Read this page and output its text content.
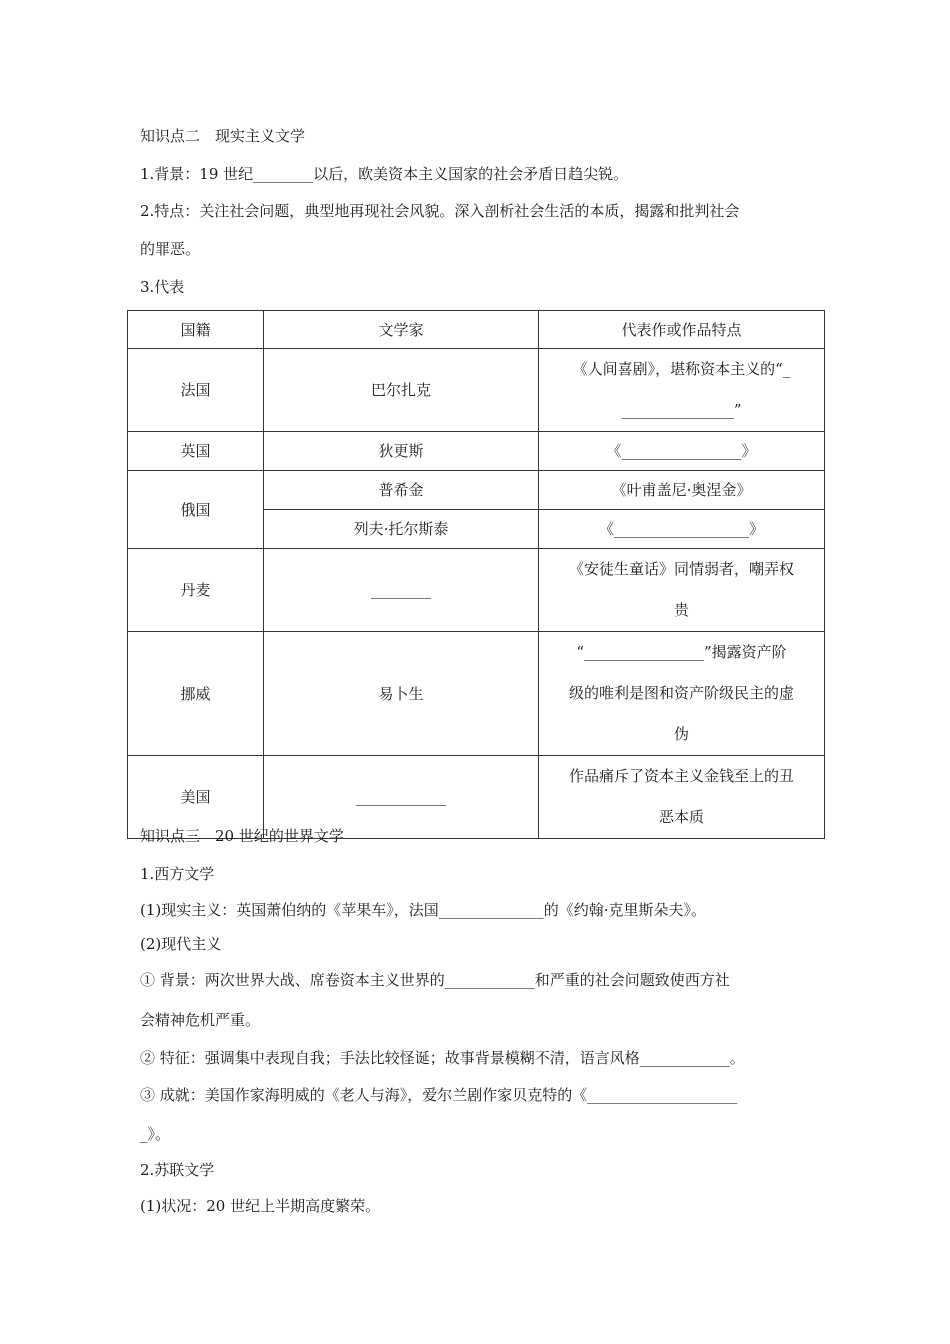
知识点二　现实主义文学
1.背景：19 世纪________以后，欧美资本主义国家的社会矛盾日趋尖锐。
2.特点：关注社会问题，典型地再现社会风貌。深入剖析社会生活的本质，揭露和批判社会
的罪恶。
3.代表
国籍	文学家	代表作或作品特点
法国	巴尔扎克	《人间喜剧》，堪称资本主义的“_
_______________”

英国	狄更斯	《________________》
俄国	普希金	《叶甫盖尼·奥涅金》
	列夫·托尔斯泰	《__________________》
丹麦	________	《安徒生童话》同情弱者，嘲弄权
贵

挪威	易卜生	“________________”揭露资产阶
级的唯利是图和资产阶级民主的虚
伪

美国	____________	作品痛斥了资本主义金钱至上的丑
恶本质
知识点三　20 世纪的世界文学
1.西方文学
(1)现实主义：英国萧伯纳的《苹果车》，法国______________的《约翰·克里斯朵夫》。
(2)现代主义
① 背景：两次世界大战、席卷资本主义世界的____________和严重的社会问题致使西方社
会精神危机严重。
② 特征：强调集中表现自我；手法比较怪诞；故事背景模糊不清，语言风格____________。
③ 成就：美国作家海明威的《老人与海》，爱尔兰剧作家贝克特的《____________________
_》。
2.苏联文学
(1)状况：20 世纪上半期高度繁荣。
